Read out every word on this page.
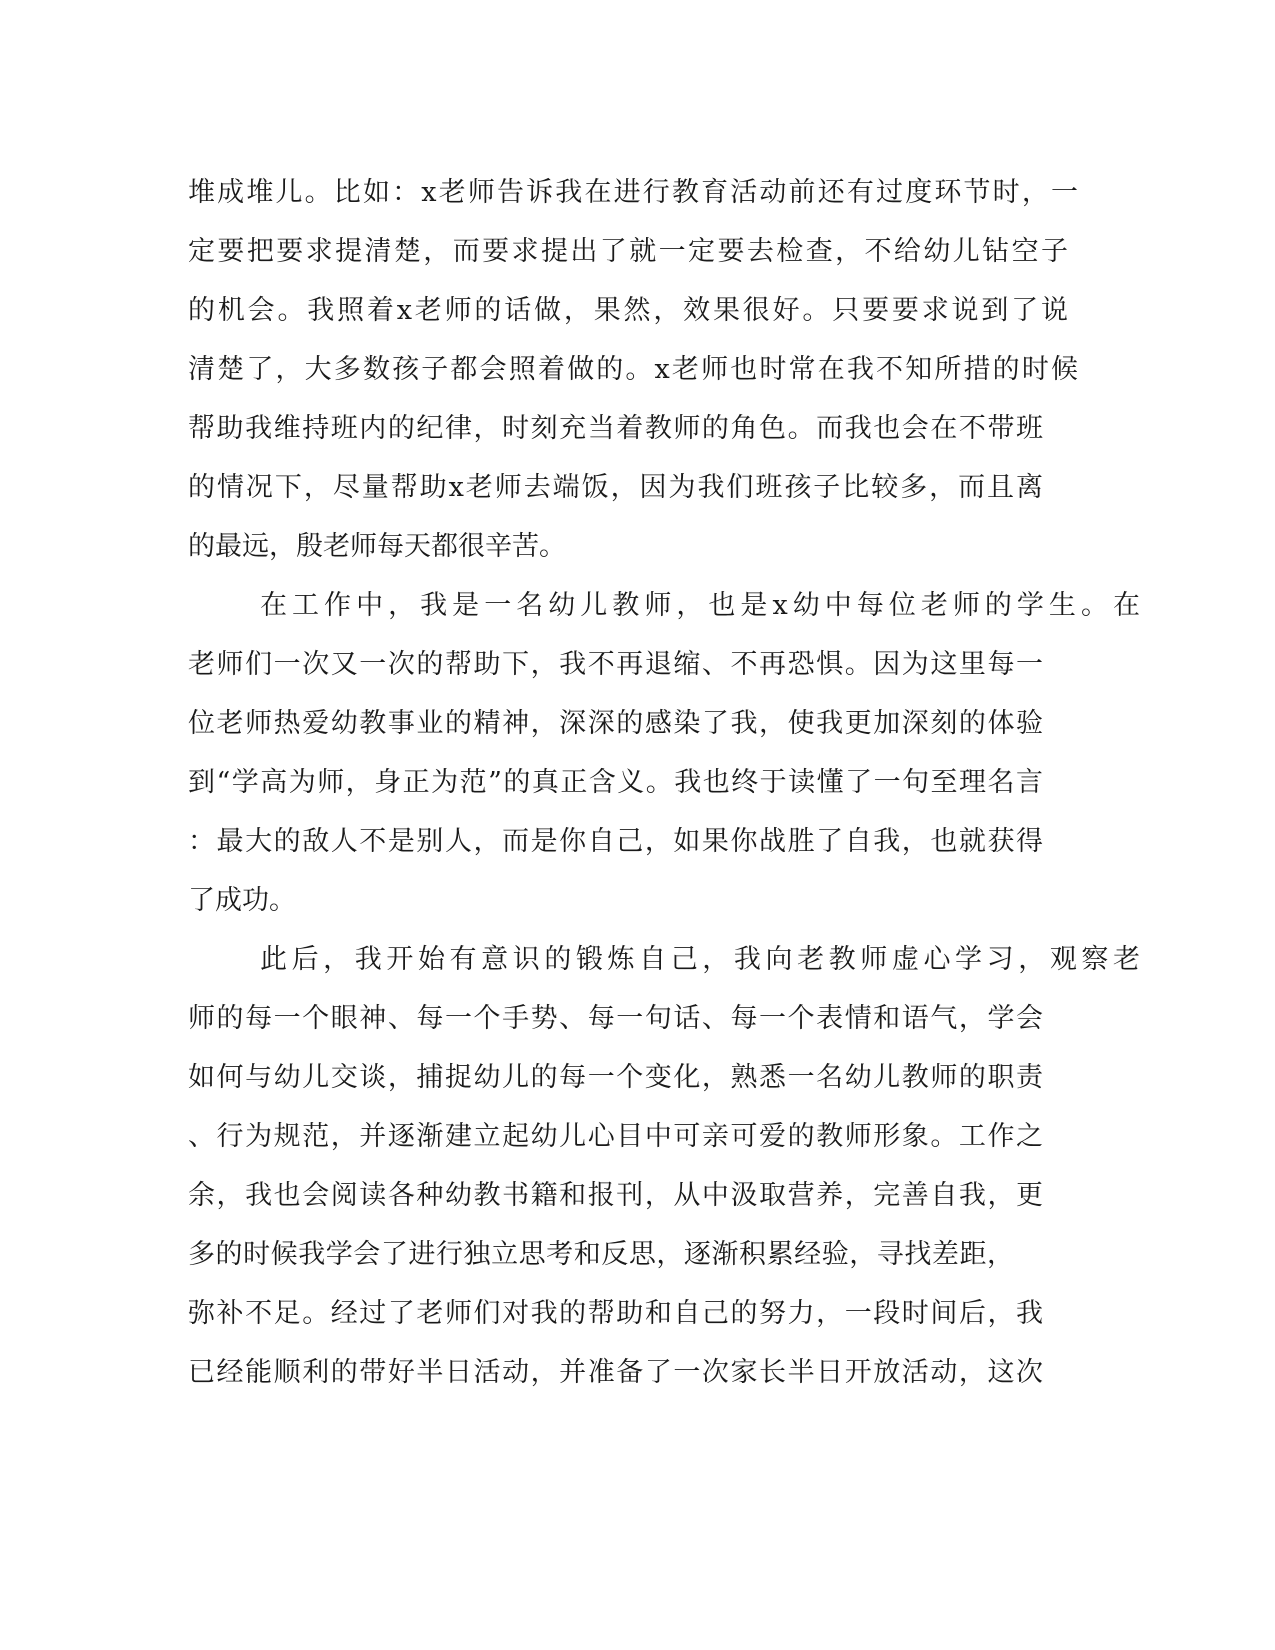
堆成堆儿。比如：x老师告诉我在进行教育活动前还有过度环节时，一
定要把要求提清楚，而要求提出了就一定要去检查，不给幼儿钻空子
的机会。我照着x老师的话做，果然，效果很好。只要要求说到了说
清楚了，大多数孩子都会照着做的。x老师也时常在我不知所措的时候
帮助我维持班内的纪律，时刻充当着教师的角色。而我也会在不带班
的情况下，尽量帮助x老师去端饭，因为我们班孩子比较多，而且离
的最远，殷老师每天都很辛苦。
在工作中，我是一名幼儿教师，也是x幼中每位老师的学生。在
老师们一次又一次的帮助下，我不再退缩、不再恐惧。因为这里每一
位老师热爱幼教事业的精神，深深的感染了我，使我更加深刻的体验
到“学高为师，身正为范”的真正含义。我也终于读懂了一句至理名言
：最大的敌人不是别人，而是你自己，如果你战胜了自我，也就获得
了成功。
此后，我开始有意识的锻炼自己，我向老教师虚心学习，观察老
师的每一个眼神、每一个手势、每一句话、每一个表情和语气，学会
如何与幼儿交谈，捕捉幼儿的每一个变化，熟悉一名幼儿教师的职责
、行为规范，并逐渐建立起幼儿心目中可亲可爱的教师形象。工作之
余，我也会阅读各种幼教书籍和报刊，从中汲取营养，完善自我，更
多的时候我学会了进行独立思考和反思，逐渐积累经验，寻找差距，
弥补不足。经过了老师们对我的帮助和自己的努力，一段时间后，我
已经能顺利的带好半日活动，并准备了一次家长半日开放活动，这次
